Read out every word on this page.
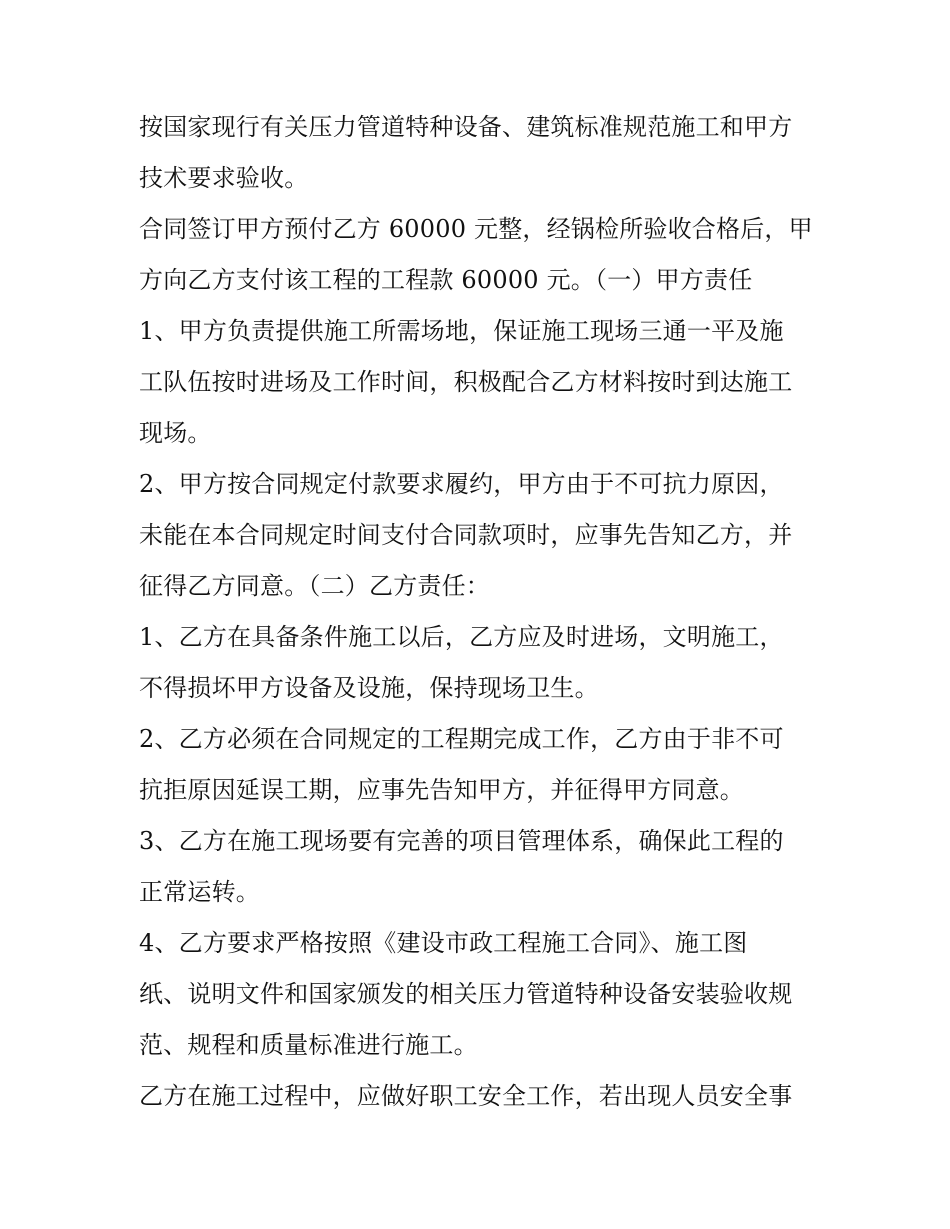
按国家现行有关压力管道特种设备、建筑标准规范施工和甲方
技术要求验收。
合同签订甲方预付乙方 60000 元整，经锅检所验收合格后，甲
方向乙方支付该工程的工程款 60000 元。（一）甲方责任
1、甲方负责提供施工所需场地，保证施工现场三通一平及施
工队伍按时进场及工作时间，积极配合乙方材料按时到达施工
现场。
2、甲方按合同规定付款要求履约，甲方由于不可抗力原因，
未能在本合同规定时间支付合同款项时，应事先告知乙方，并
征得乙方同意。（二）乙方责任：
1、乙方在具备条件施工以后，乙方应及时进场，文明施工，
不得损坏甲方设备及设施，保持现场卫生。
2、乙方必须在合同规定的工程期完成工作，乙方由于非不可
抗拒原因延误工期，应事先告知甲方，并征得甲方同意。
3、乙方在施工现场要有完善的项目管理体系，确保此工程的
正常运转。
4、乙方要求严格按照《建设市政工程施工合同》、施工图
纸、说明文件和国家颁发的相关压力管道特种设备安装验收规
范、规程和质量标准进行施工。
乙方在施工过程中，应做好职工安全工作，若出现人员安全事
